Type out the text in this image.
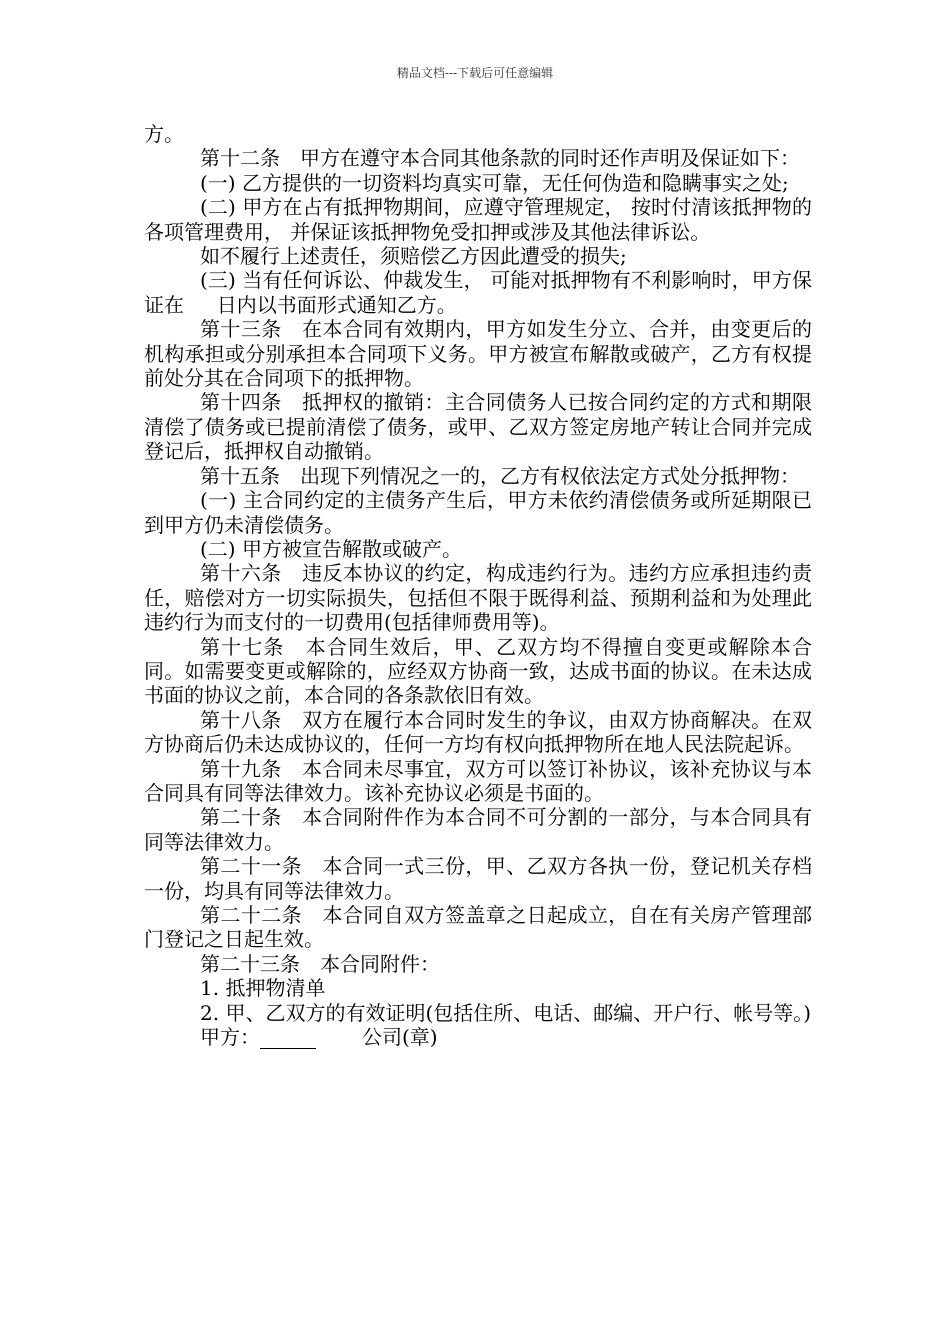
精品文档---下载后可任意编辑

方。

第十二条　甲方在遵守本合同其他条款的同时还作声明及保证如下：

(一) 乙方提供的一切资料均真实可靠，无任何伪造和隐瞒事实之处;

(二) 甲方在占有抵押物期间，应遵守管理规定， 按时付清该抵押物的各项管理费用， 并保证该抵押物免受扣押或涉及其他法律诉讼。

如不履行上述责任，须赔偿乙方因此遭受的损失;

(三) 当有任何诉讼、仲裁发生， 可能对抵押物有不利影响时，甲方保证在 　 日内以书面形式通知乙方。

第十三条　在本合同有效期内，甲方如发生分立、合并，由变更后的机构承担或分别承担本合同项下义务。甲方被宣布解散或破产，乙方有权提前处分其在合同项下的抵押物。

第十四条　抵押权的撤销：主合同债务人已按合同约定的方式和期限清偿了债务或已提前清偿了债务，或甲、乙双方签定房地产转让合同并完成登记后，抵押权自动撤销。

第十五条　出现下列情况之一的，乙方有权依法定方式处分抵押物：

(一) 主合同约定的主债务产生后，甲方未依约清偿债务或所延期限已到甲方仍未清偿债务。

(二) 甲方被宣告解散或破产。

第十六条　违反本协议的约定，构成违约行为。违约方应承担违约责任，赔偿对方一切实际损失，包括但不限于既得利益、预期利益和为处理此违约行为而支付的一切费用(包括律师费用等)。

第十七条　本合同生效后，甲、乙双方均不得擅自变更或解除本合同。如需要变更或解除的，应经双方协商一致，达成书面的协议。在未达成书面的协议之前，本合同的各条款依旧有效。

第十八条　双方在履行本合同时发生的争议，由双方协商解决。在双方协商后仍未达成协议的，任何一方均有权向抵押物所在地人民法院起诉。

第十九条　本合同未尽事宜，双方可以签订补协议，该补充协议与本合同具有同等法律效力。该补充协议必须是书面的。

第二十条　本合同附件作为本合同不可分割的一部分，与本合同具有同等法律效力。

第二十一条　本合同一式三份，甲、乙双方各执一份，登记机关存档一份，均具有同等法律效力。

第二十二条　本合同自双方签盖章之日起成立，自在有关房产管理部门登记之日起生效。

第二十三条　本合同附件：

1. 抵押物清单

2. 甲、乙双方的有效证明(包括住所、电话、邮编、开户行、帐号等。)

甲方：	公司(章)
